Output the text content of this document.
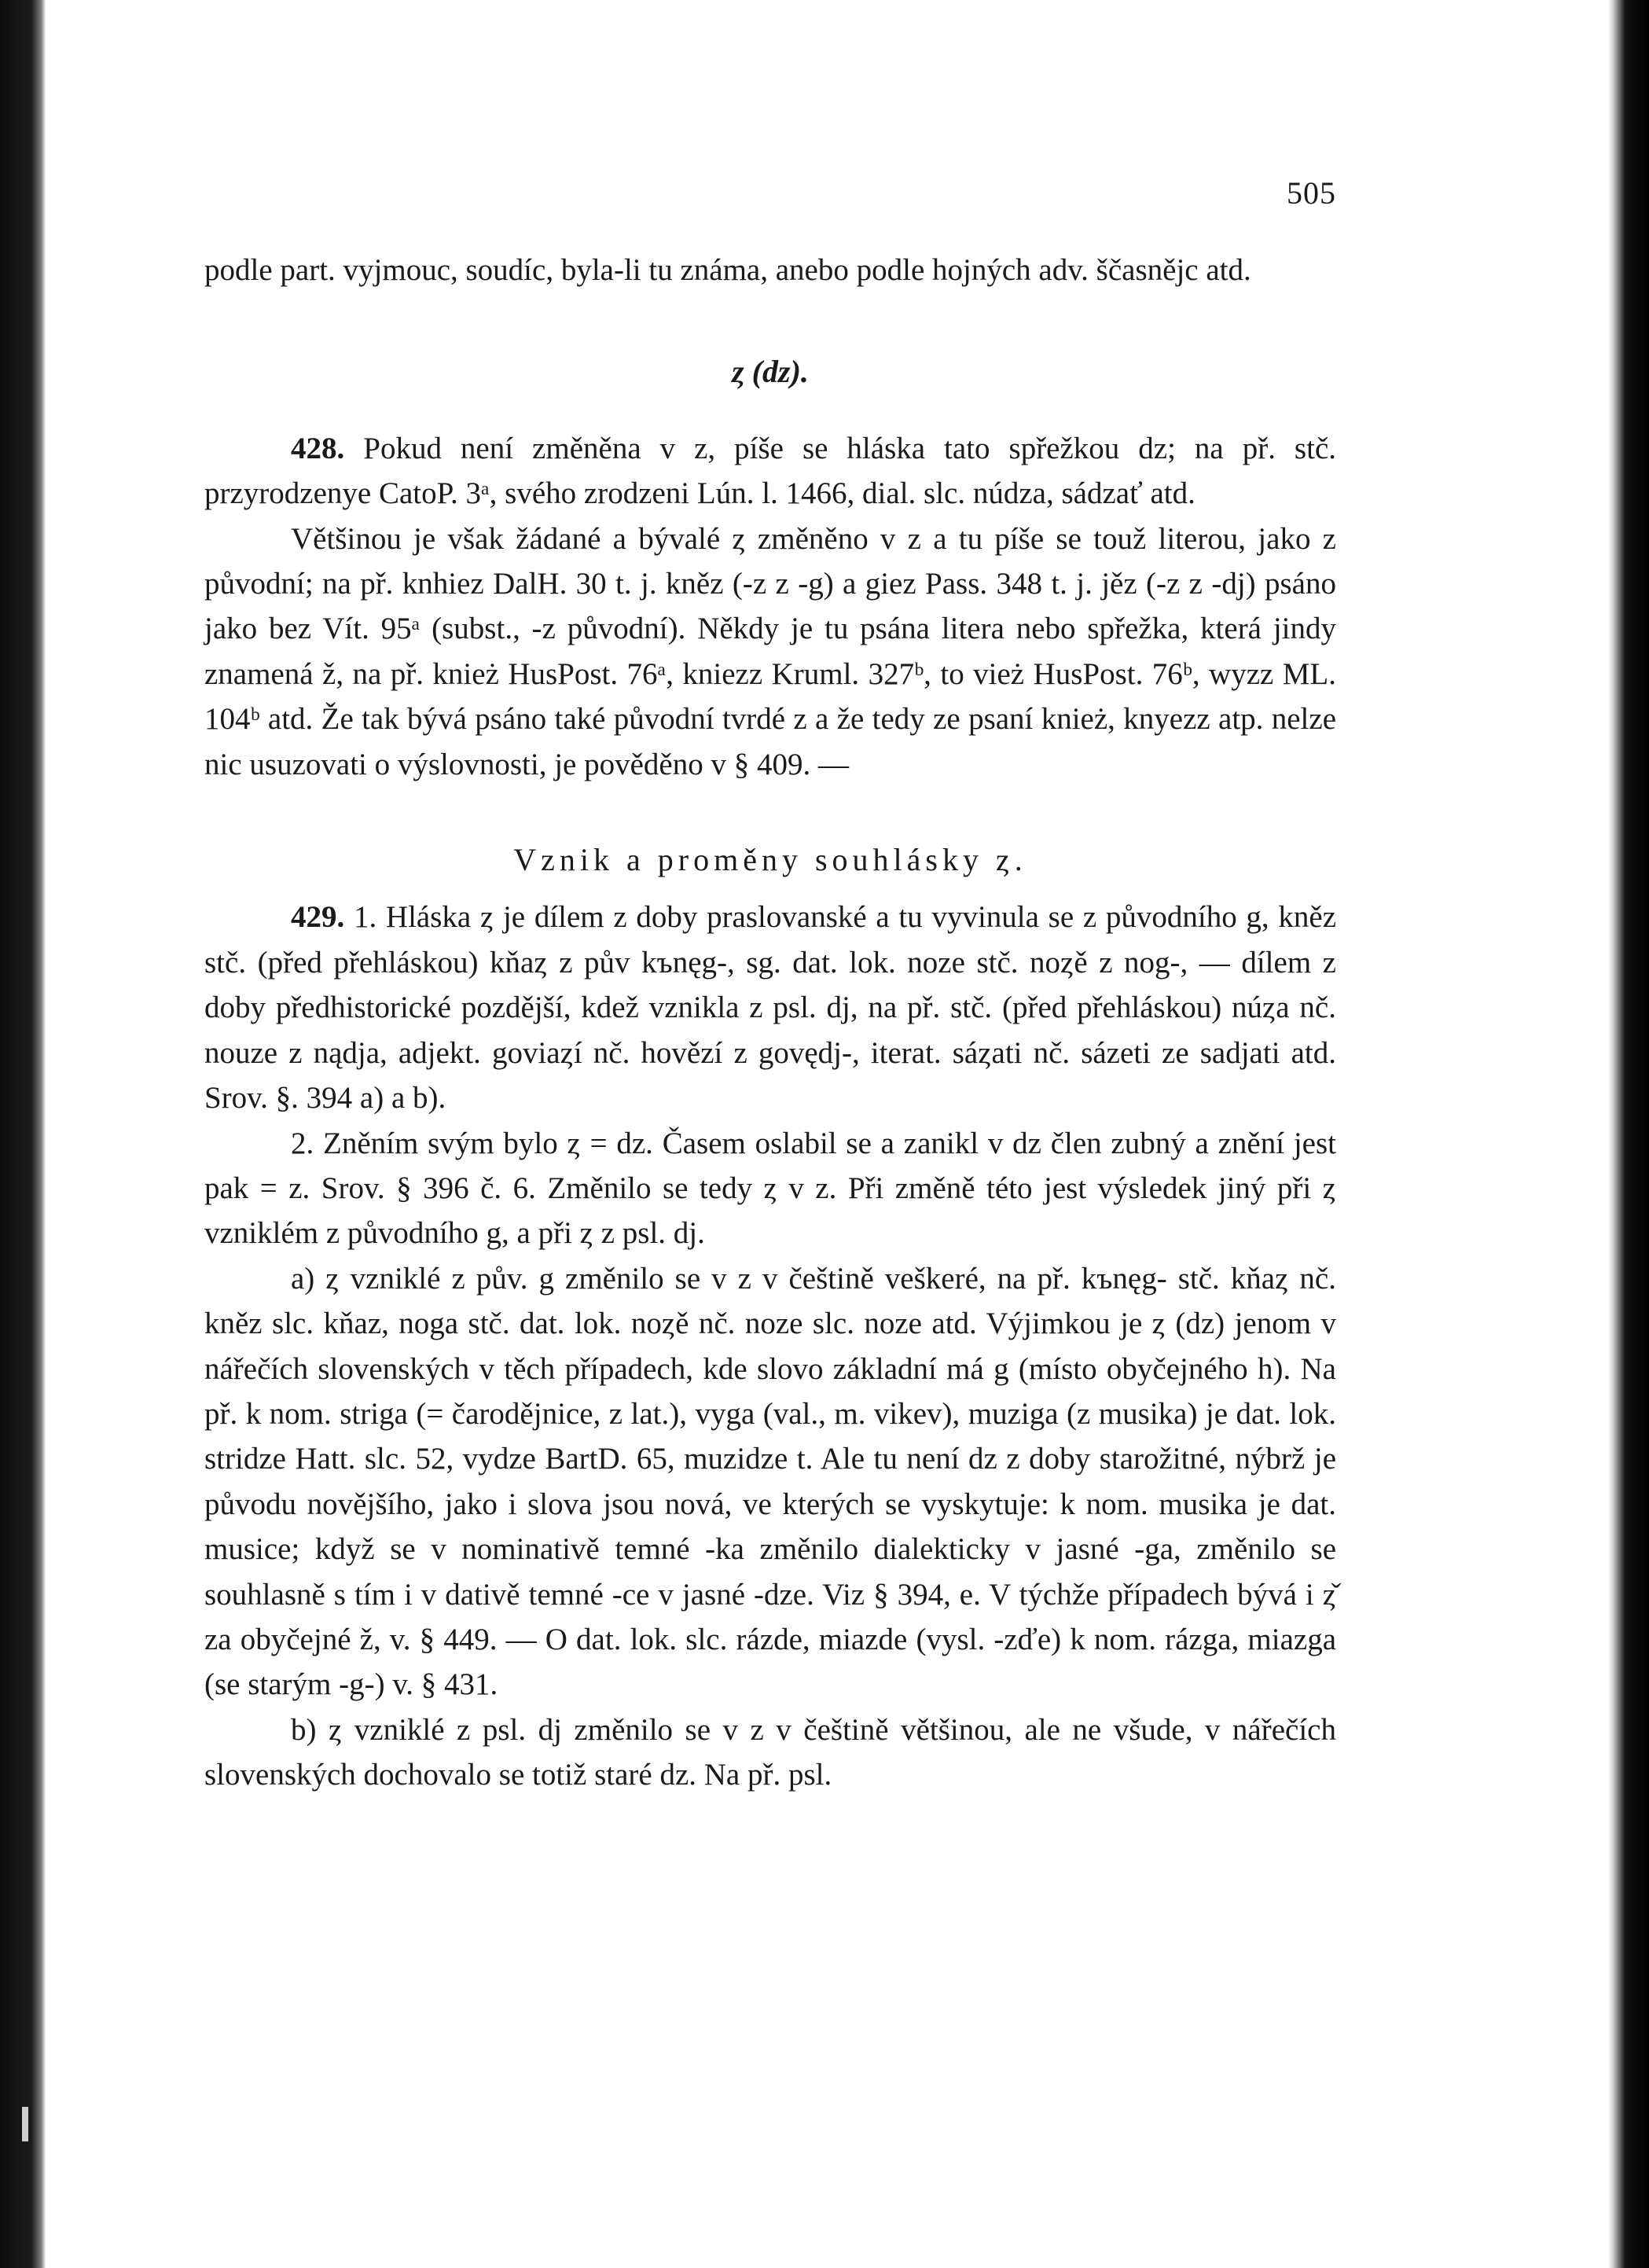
505

podle part. vyjmouc, soudíc, byla-li tu známa, anebo podle hojných adv. ščasnějc atd.

ȥ (dz).

428. Pokud není změněna v z, píše se hláska tato spřežkou dz; na př. stč. przyrodzenye CatoP. 3ᵃ, svého zrodzeni Lún. l. 1466, dial. slc. núdza, sádzať atd.

Většinou je však žádané a bývalé ȥ změněno v z a tu píše se touž literou, jako z původní; na př. knhiez DalH. 30 t. j. kněz (-z z -g) a giez Pass. 348 t. j. jěz (-z z -dj) psáno jako bez Vít. 95ᵃ (subst., -z původní). Někdy je tu psána litera nebo spřežka, která jindy znamená ž, na př. knież HusPost. 76ᵃ, kniezz Kruml. 327ᵇ, to vież HusPost. 76ᵇ, wyzz ML. 104ᵇ atd. Že tak bývá psáno také původní tvrdé z a že tedy ze psaní knież, knyezz atp. nelze nic usuzovati o výslovnosti, je pověděno v § 409. —

Vznik a proměny souhlásky ȥ.

429. 1. Hláska ȥ je dílem z doby praslovanské a tu vyvinula se z původního g, kněz stč. (před přehláskou) kňaȥ z pův kъnęg-, sg. dat. lok. noze stč. noȥě z nog-, — dílem z doby předhistorické pozdější, kdež vznikla z psl. dj, na př. stč. (před přehláskou) núȥa nč. nouze z nądja, adjekt. goviaȥí nč. hovězí z govędj-, iterat. sáȥati nč. sázeti ze sadjati atd. Srov. §. 394 a) a b).

2. Zněním svým bylo ȥ = dz. Časem oslabil se a zanikl v dz člen zubný a znění jest pak = z. Srov. § 396 č. 6. Změnilo se tedy ȥ v z. Při změně této jest výsledek jiný při ȥ vzniklém z původního g, a při ȥ z psl. dj.

a) ȥ vzniklé z pův. g změnilo se v z v češtině veškeré, na př. kъnęg- stč. kňaȥ nč. kněz slc. kňaz, noga stč. dat. lok. noȥě nč. noze slc. noze atd. Výjimkou je ȥ (dz) jenom v nářečích slovenských v těch případech, kde slovo základní má g (místo obyčejného h). Na př. k nom. striga (= čarodějnice, z lat.), vyga (val., m. vikev), muziga (z musika) je dat. lok. stridze Hatt. slc. 52, vydze BartD. 65, muzidze t. Ale tu není dz z doby starožitné, nýbrž je původu novějšího, jako i slova jsou nová, ve kterých se vyskytuje: k nom. musika je dat. musice; když se v nominativě temné -ka změnilo dialekticky v jasné -ga, změnilo se souhlasně s tím i v dativě temné -ce v jasné -dze. Viz § 394, e. V týchže případech bývá i ȥ̌ za obyčejné ž, v. § 449. — O dat. lok. slc. rázde, miazde (vysl. -zďe) k nom. rázga, miazga (se starým -g-) v. § 431.

b) ȥ vzniklé z psl. dj změnilo se v z v češtině většinou, ale ne všude, v nářečích slovenských dochovalo se totiž staré dz. Na př. psl.
